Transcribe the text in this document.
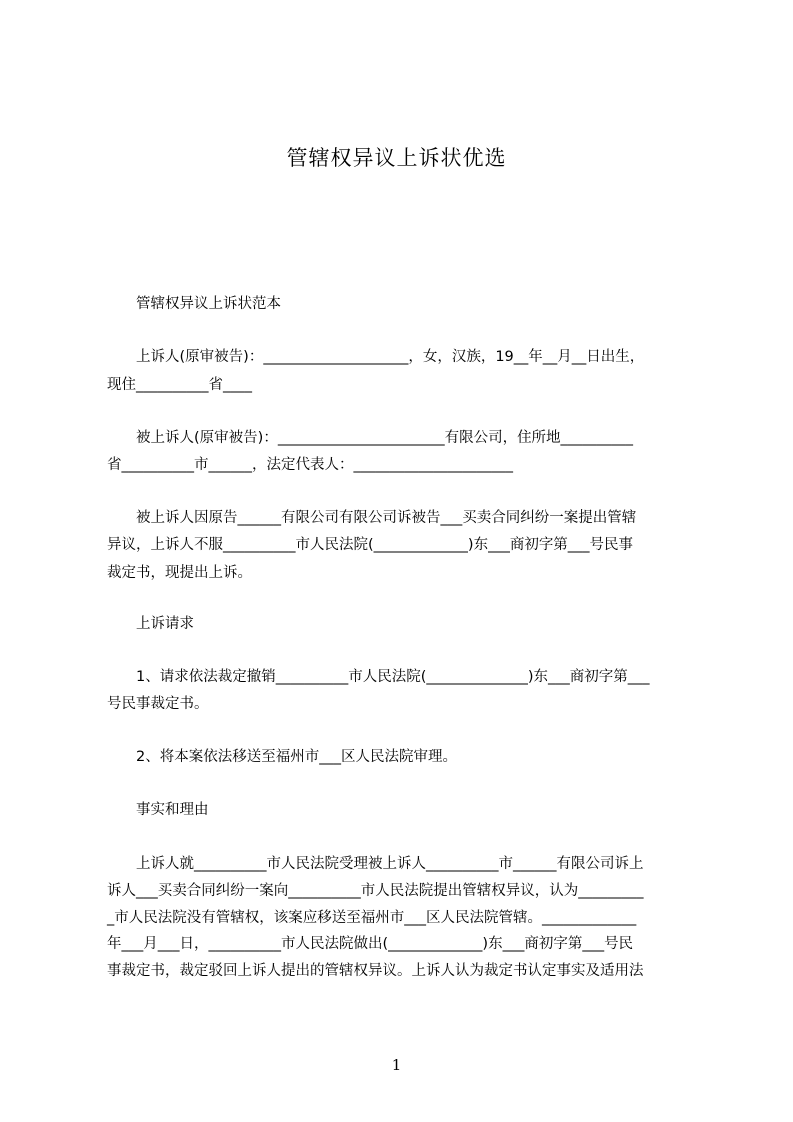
管辖权异议上诉状优选
　　管辖权异议上诉状范本
　　上诉人(原审被告)：____________________，女，汉族，19__年__月__日出生，
现住__________省____
　　被上诉人(原审被告)：_______________________有限公司，住所地__________
省__________市______，法定代表人：______________________
　　被上诉人因原告______有限公司有限公司诉被告___买卖合同纠纷一案提出管辖
异议，上诉人不服__________市人民法院(_____________)东___商初字第___号民事
裁定书，现提出上诉。
　　上诉请求
　　1、请求依法裁定撤销__________市人民法院(______________)东___商初字第___
号民事裁定书。
　　2、将本案依法移送至福州市___区人民法院审理。
　　事实和理由
　　上诉人就__________市人民法院受理被上诉人__________市______有限公司诉上
诉人___买卖合同纠纷一案向__________市人民法院提出管辖权异议，认为_________
_市人民法院没有管辖权，该案应移送至福州市___区人民法院管辖。_____________
年___月___日，__________市人民法院做出(_____________)东___商初字第___号民
事裁定书，裁定驳回上诉人提出的管辖权异议。上诉人认为裁定书认定事实及适用法
1
